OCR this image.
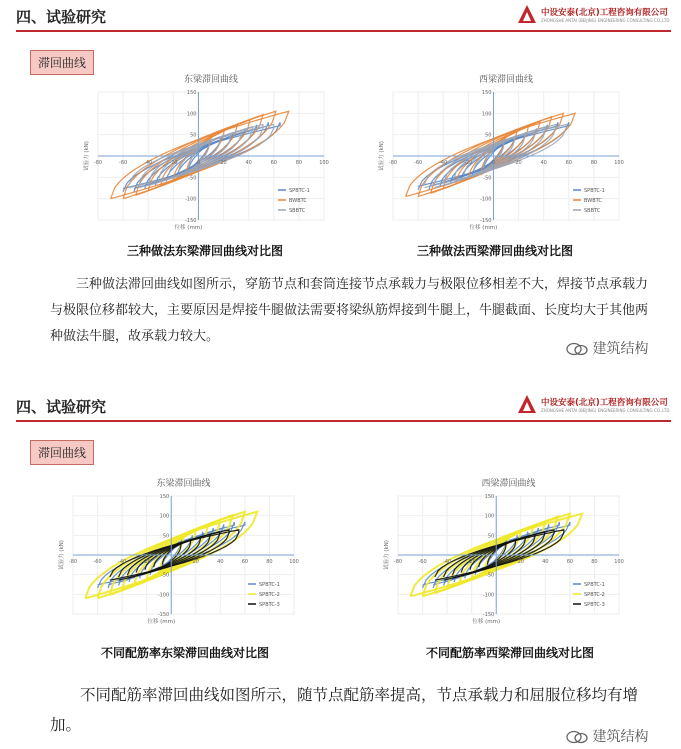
四、试验研究	中设安泰(北京)工程咨询有限公司
ZHONGSHE ANTAI (BEIJING) ENGINEERING CONSULTING CO.,LTD
滞回曲线
东梁滞回曲线
-80	-60	-40	-20	0	20	40	60	80	100
150
100
50
-50
-100
-150
位移 (mm)
试验力 (kN)
SPBTC-1
BWBTC
SBBTC
西梁滞回曲线
-80	-60	-40	-20	0	20	40	60	80	100
150
100
50
-50
-100
-150
位移 (mm)
试验力 (kN)
SPBTC-1
BWBTC
SBBTC
三种做法东梁滞回曲线对比图	三种做法西梁滞回曲线对比图
三种做法滞回曲线如图所示，穿筋节点和套筒连接节点承载力与极限位移相差不大，焊接节点承载力与极限位移都较大，主要原因是焊接牛腿做法需要将梁纵筋焊接到牛腿上，牛腿截面、长度均大于其他两种做法牛腿，故承载力较大。
建筑结构
四、试验研究	中设安泰(北京)工程咨询有限公司
ZHONGSHE ANTAI (BEIJING) ENGINEERING CONSULTING CO.,LTD
滞回曲线
东梁滞回曲线
-80	-60	-40	-20	0	20	40	60	80	100
150
100
50
-50
-100
-150
位移 (mm)
试验力 (kN)
SPBTC-1
SPBTC-2
SPBTC-3
西梁滞回曲线
-80	-60	-40	-20	0	20	40	60	80	100
150
100
50
-50
-100
-150
位移 (mm)
试验力 (kN)
SPBTC-1
SPBTC-2
SPBTC-3
不同配筋率东梁滞回曲线对比图	不同配筋率西梁滞回曲线对比图
不同配筋率滞回曲线如图所示，随节点配筋率提高，节点承载力和屈服位移均有增加。
建筑结构
